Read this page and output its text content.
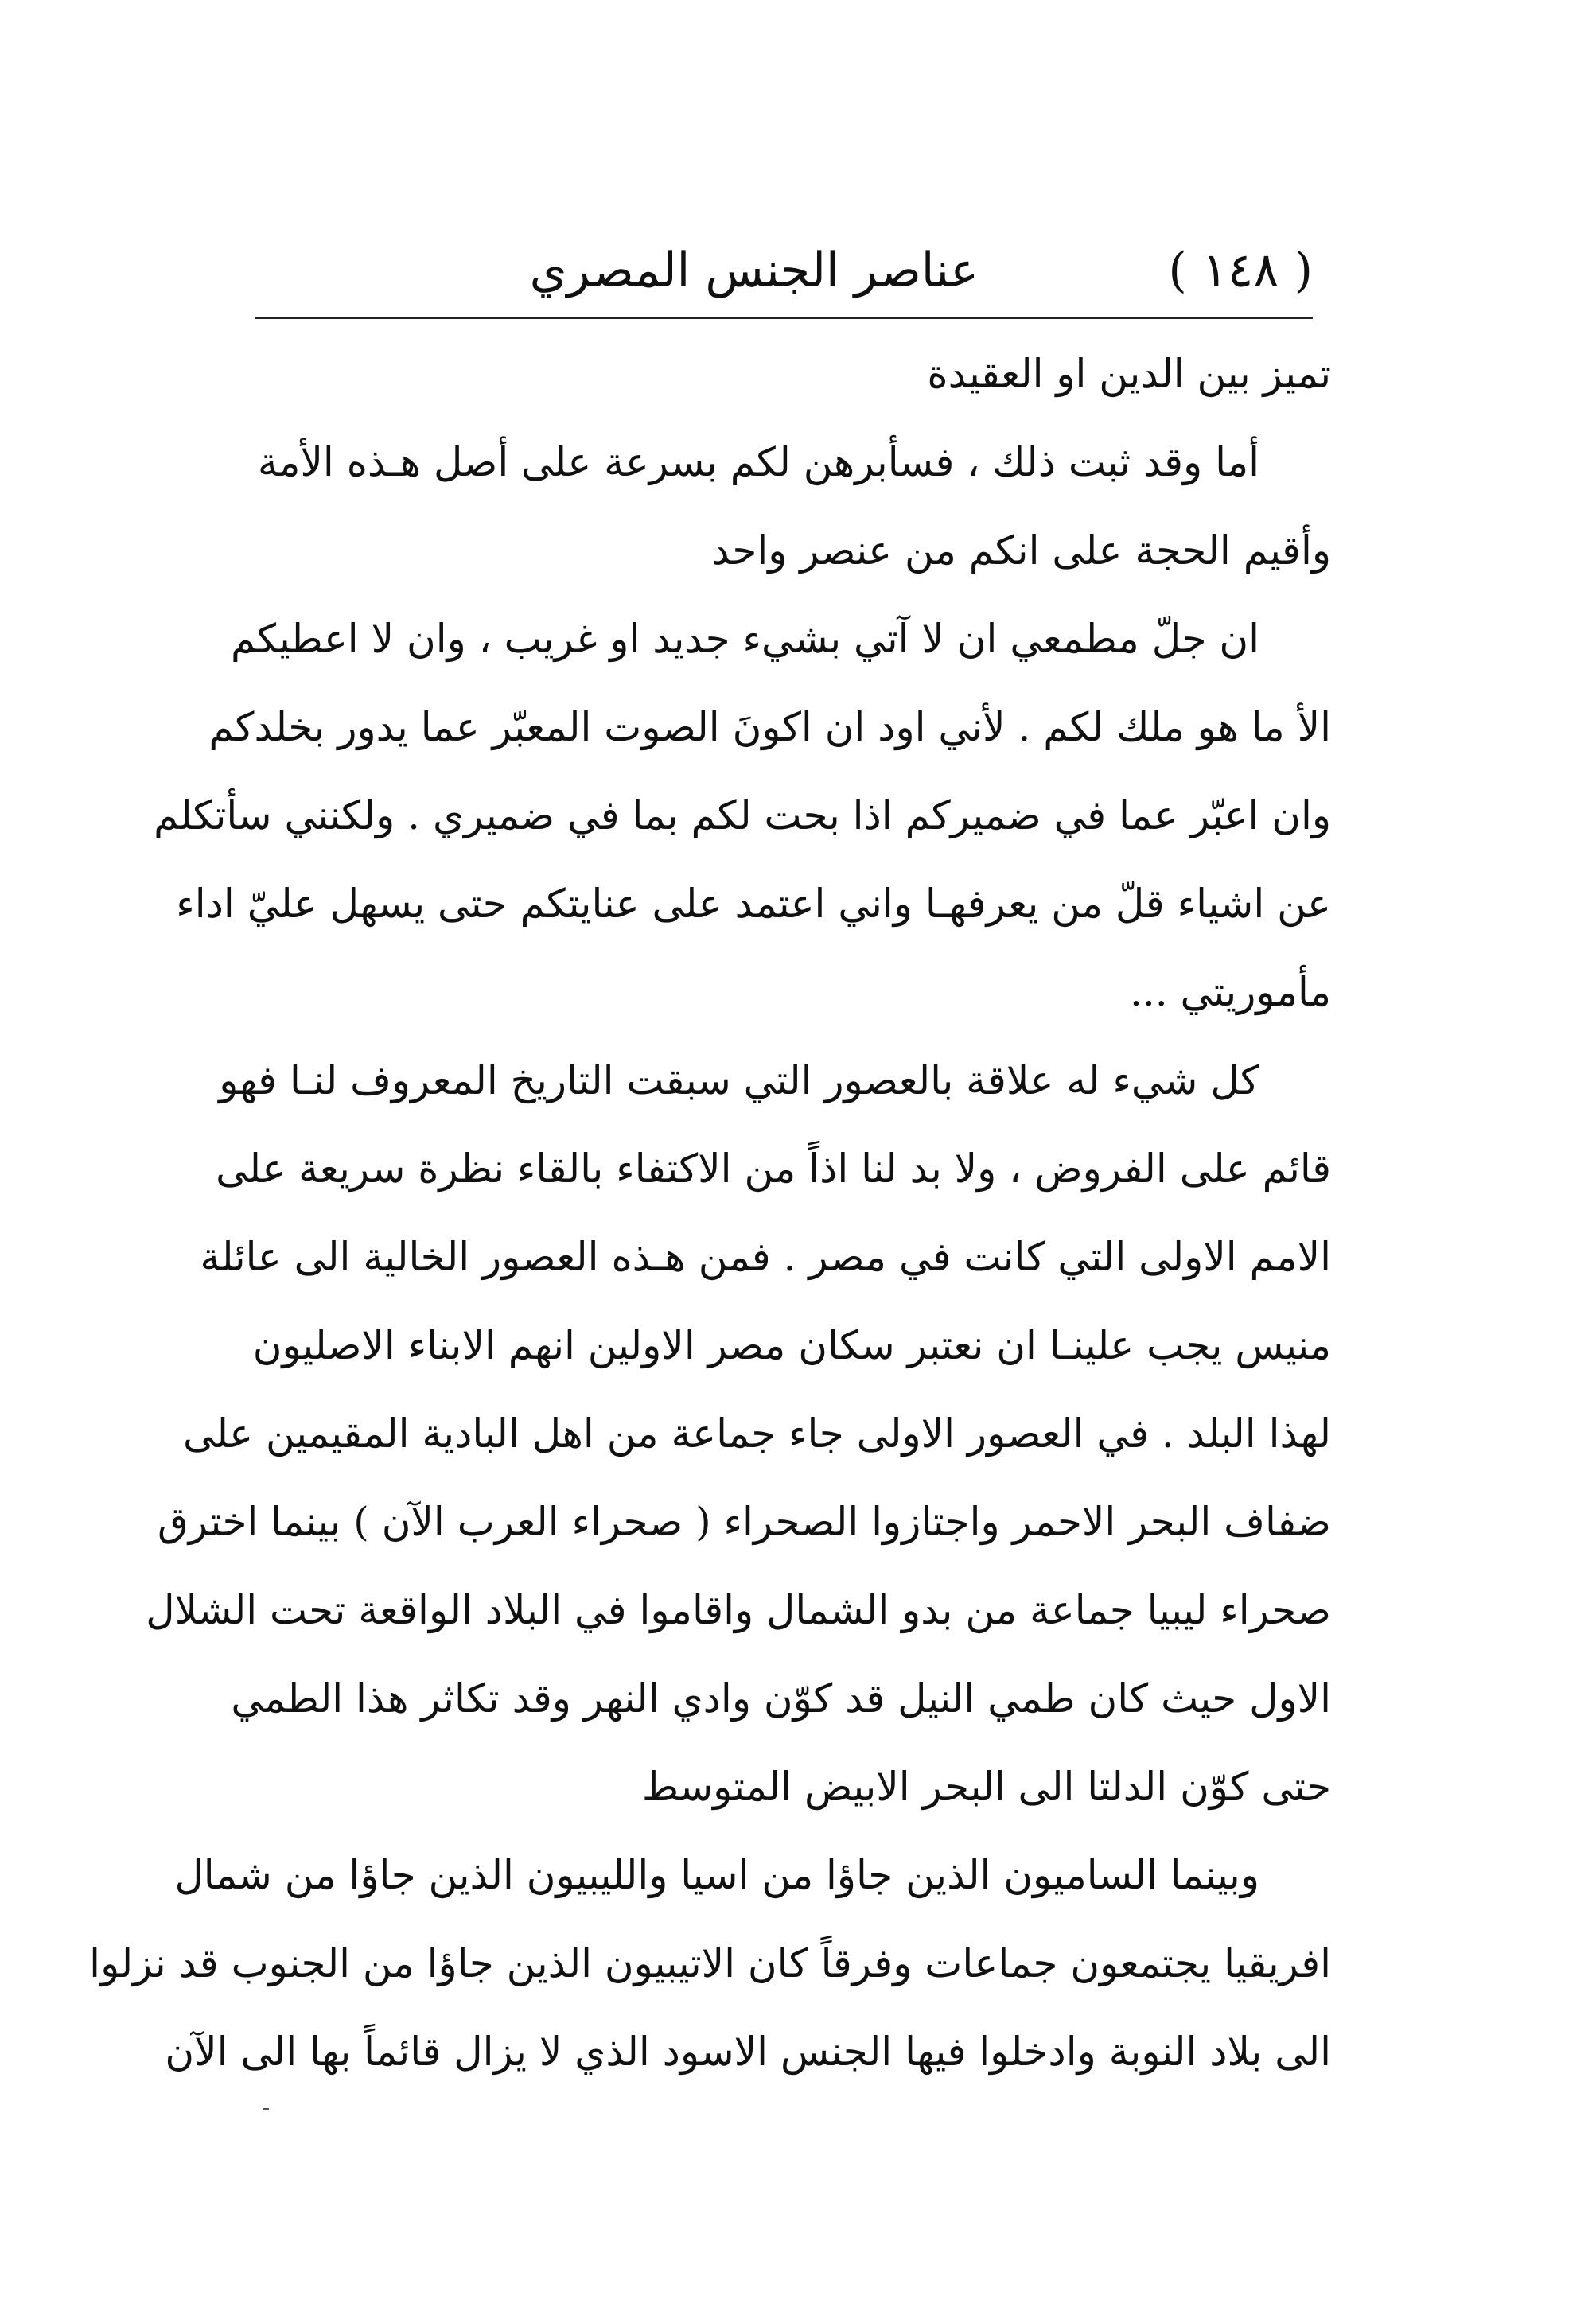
( ١٤٨ )
عناصر الجنس المصري
تميز بين الدين او العقيدة
أما وقد ثبت ذلك ، فسأبرهن لكم بسرعة على أصل هـذه الأمة
وأقيم الحجة على انكم من عنصر واحد
ان جلّ مطمعي ان لا آتي بشيء جديد او غريب ، وان لا اعطيكم
الأ ما هو ملك لكم . لأني اود ان اكونَ الصوت المعبّر عما يدور بخلدكم
وان اعبّر عما في ضميركم اذا بحت لكم بما في ضميري . ولكنني سأتكلم
عن اشياء قلّ من يعرفهـا واني اعتمد على عنايتكم حتى يسهل عليّ اداء
مأموريتي ...
كل شيء له علاقة بالعصور التي سبقت التاريخ المعروف لنـا فهو
قائم على الفروض ، ولا بد لنا اذاً من الاكتفاء بالقاء نظرة سريعة على
الامم الاولى التي كانت في مصر . فمن هـذه العصور الخالية الى عائلة
منيس يجب علينـا ان نعتبر سكان مصر الاولين انهم الابناء الاصليون
لهذا البلد . في العصور الاولى جاء جماعة من اهل البادية المقيمين على
ضفاف البحر الاحمر واجتازوا الصحراء ( صحراء العرب الآن ) بينما اخترق
صحراء ليبيا جماعة من بدو الشمال واقاموا في البلاد الواقعة تحت الشلال
الاول حيث كان طمي النيل قد كوّن وادي النهر وقد تكاثر هذا الطمي
حتى كوّن الدلتا الى البحر الابيض المتوسط
وبينما الساميون الذين جاؤا من اسيا والليبيون الذين جاؤا من شمال
افريقيا يجتمعون جماعات وفرقاً كان الاتيبيون الذين جاؤا من الجنوب قد نزلوا
الى بلاد النوبة وادخلوا فيها الجنس الاسود الذي لا يزال قائماً بها الى الآن
